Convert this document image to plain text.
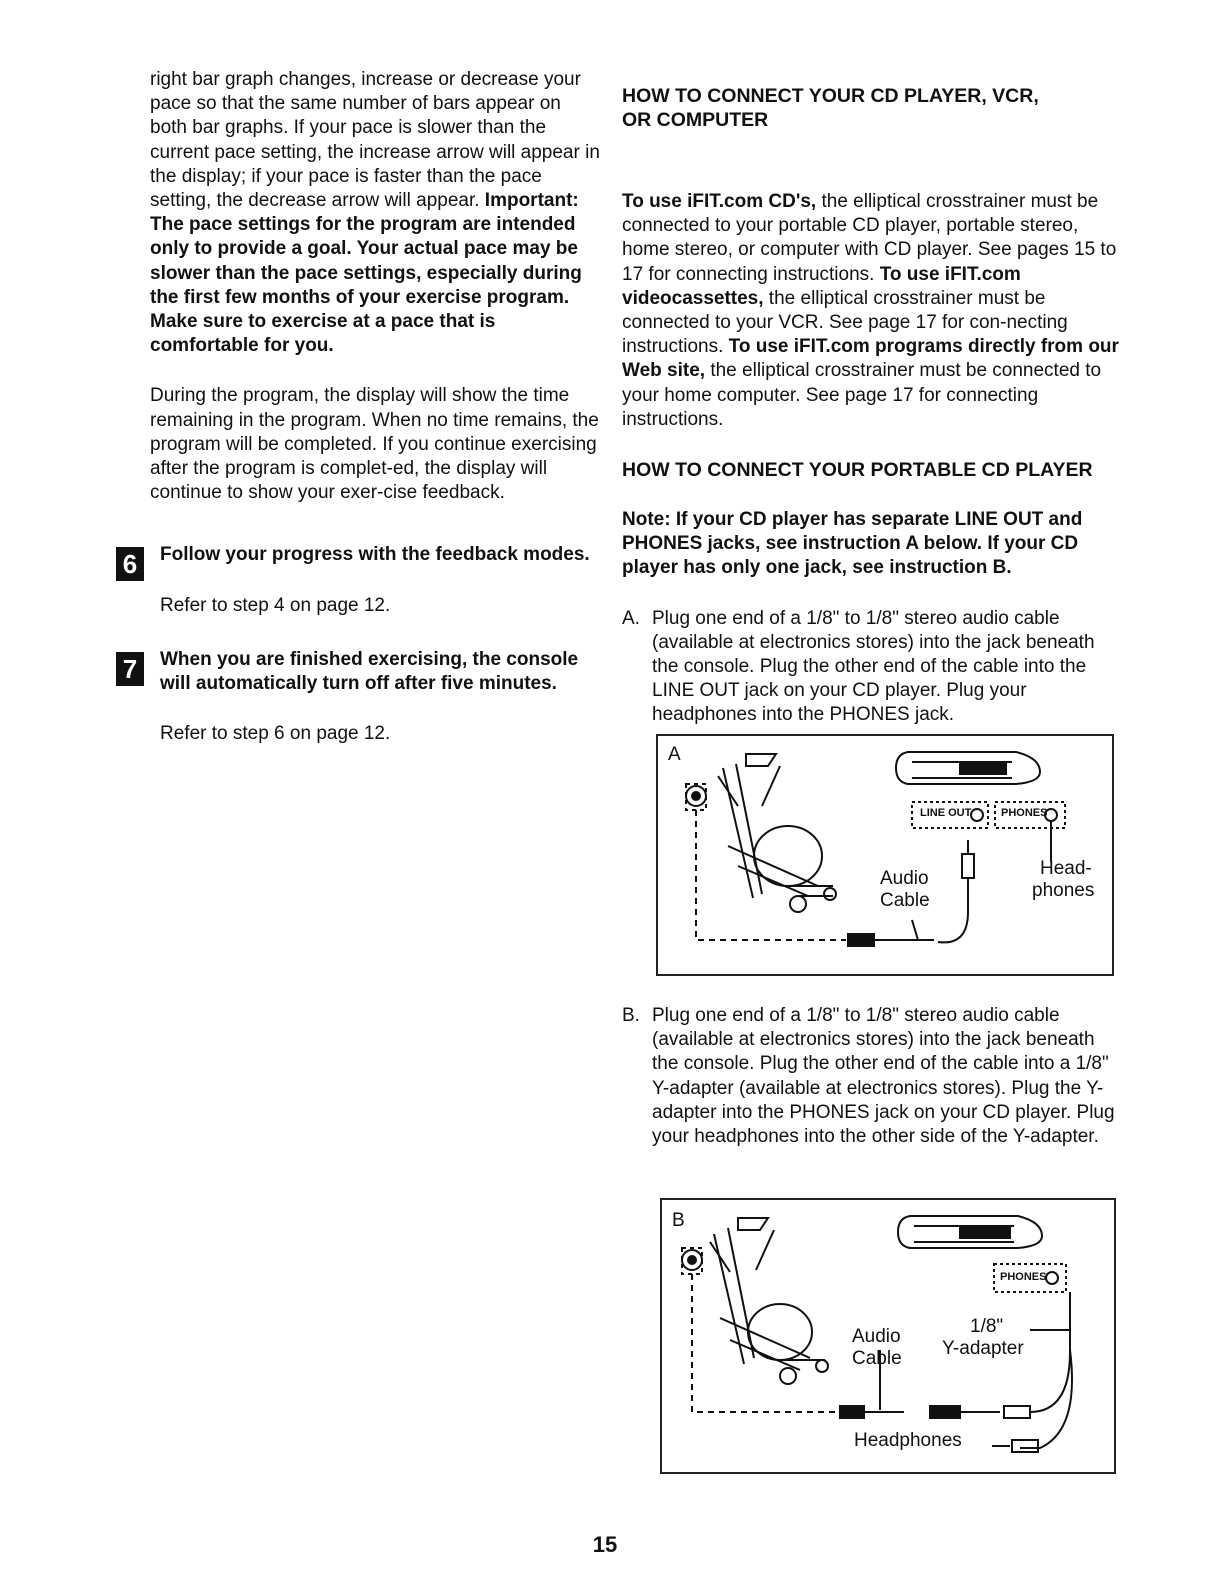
right bar graph changes, increase or decrease your pace so that the same number of bars appear on both bar graphs. If your pace is slower than the current pace setting, the increase arrow will appear in the display; if your pace is faster than the pace setting, the decrease arrow will appear. Important: The pace settings for the program are intended only to provide a goal. Your actual pace may be slower than the pace settings, especially during the first few months of your exercise program. Make sure to exercise at a pace that is comfortable for you.

During the program, the display will show the time remaining in the program. When no time remains, the program will be completed. If you continue exercising after the program is complet-ed, the display will continue to show your exer-cise feedback.

6	Follow your progress with the feedback modes.

Refer to step 4 on page 12.

7	When you are finished exercising, the console will automatically turn off after five minutes.

Refer to step 6 on page 12.

HOW TO CONNECT YOUR CD PLAYER, VCR, OR COMPUTER

To use iFIT.com CD's, the elliptical crosstrainer must be connected to your portable CD player, portable stereo, home stereo, or computer with CD player. See pages 15 to 17 for connecting instructions. To use iFIT.com videocassettes, the elliptical crosstrainer must be connected to your VCR. See page 17 for con-necting instructions. To use iFIT.com programs directly from our Web site, the elliptical crosstrainer must be connected to your home computer. See page 17 for connecting instructions.

HOW TO CONNECT YOUR PORTABLE CD PLAYER

Note: If your CD player has separate LINE OUT and PHONES jacks, see instruction A below. If your CD player has only one jack, see instruction B.

A. Plug one end of a 1/8" to 1/8" stereo audio cable (available at electronics stores) into the jack beneath the console. Plug the other end of the cable into the LINE OUT jack on your CD player. Plug your headphones into the PHONES jack.

B. Plug one end of a 1/8" to 1/8" stereo audio cable (available at electronics stores) into the jack beneath the console. Plug the other end of the cable into a 1/8" Y-adapter (available at electronics stores). Plug the Y-adapter into the PHONES jack on your CD player. Plug your headphones into the other side of the Y-adapter.

A
LINE OUT	PHONES
Audio
Cable
Head-
phones
B
PHONES
Audio
Cable
1/8"
Y-adapter
Headphones
15
